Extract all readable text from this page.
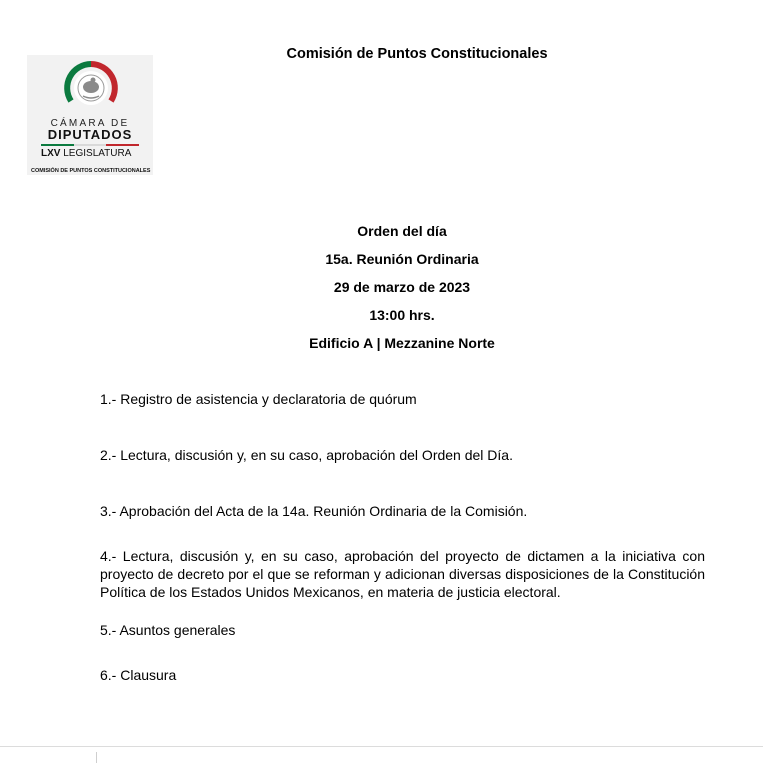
CÁMARA DE
DIPUTADOS
LXV LEGISLATURA
COMISIÓN DE PUNTOS CONSTITUCIONALES
Comisión de Puntos Constitucionales
Orden del día
15a. Reunión Ordinaria
29 de marzo de 2023
13:00 hrs.
Edificio A | Mezzanine Norte
1.- Registro de asistencia y declaratoria de quórum
2.- Lectura, discusión y, en su caso, aprobación del Orden del Día.
3.- Aprobación del Acta de la 14a. Reunión Ordinaria de la Comisión.
4.- Lectura, discusión y, en su caso, aprobación del proyecto de dictamen a la iniciativa con proyecto de decreto por el que se reforman y adicionan diversas disposiciones de la Constitución Política de los Estados Unidos Mexicanos, en materia de justicia electoral.
5.- Asuntos generales
6.- Clausura
